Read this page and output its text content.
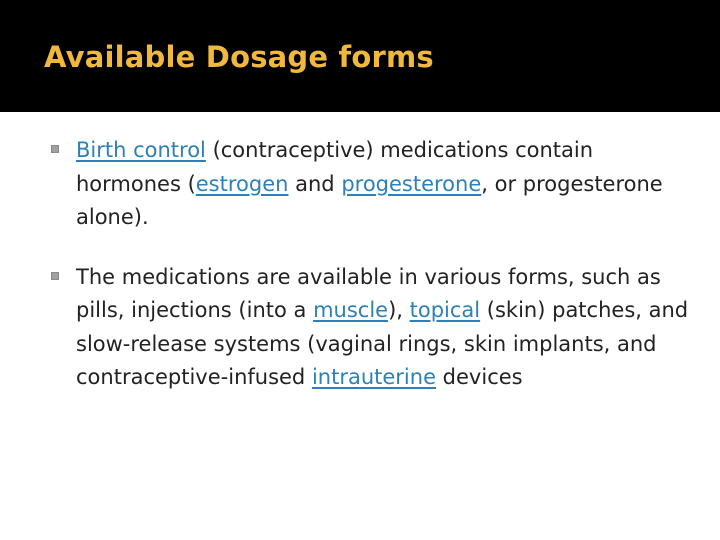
Available Dosage forms
Birth control (contraceptive) medications contain hormones (estrogen and progesterone, or progesterone alone).
The medications are available in various forms, such as pills, injections (into a muscle), topical (skin) patches, and slow-release systems (vaginal rings, skin implants, and contraceptive-infused intrauterine devices
